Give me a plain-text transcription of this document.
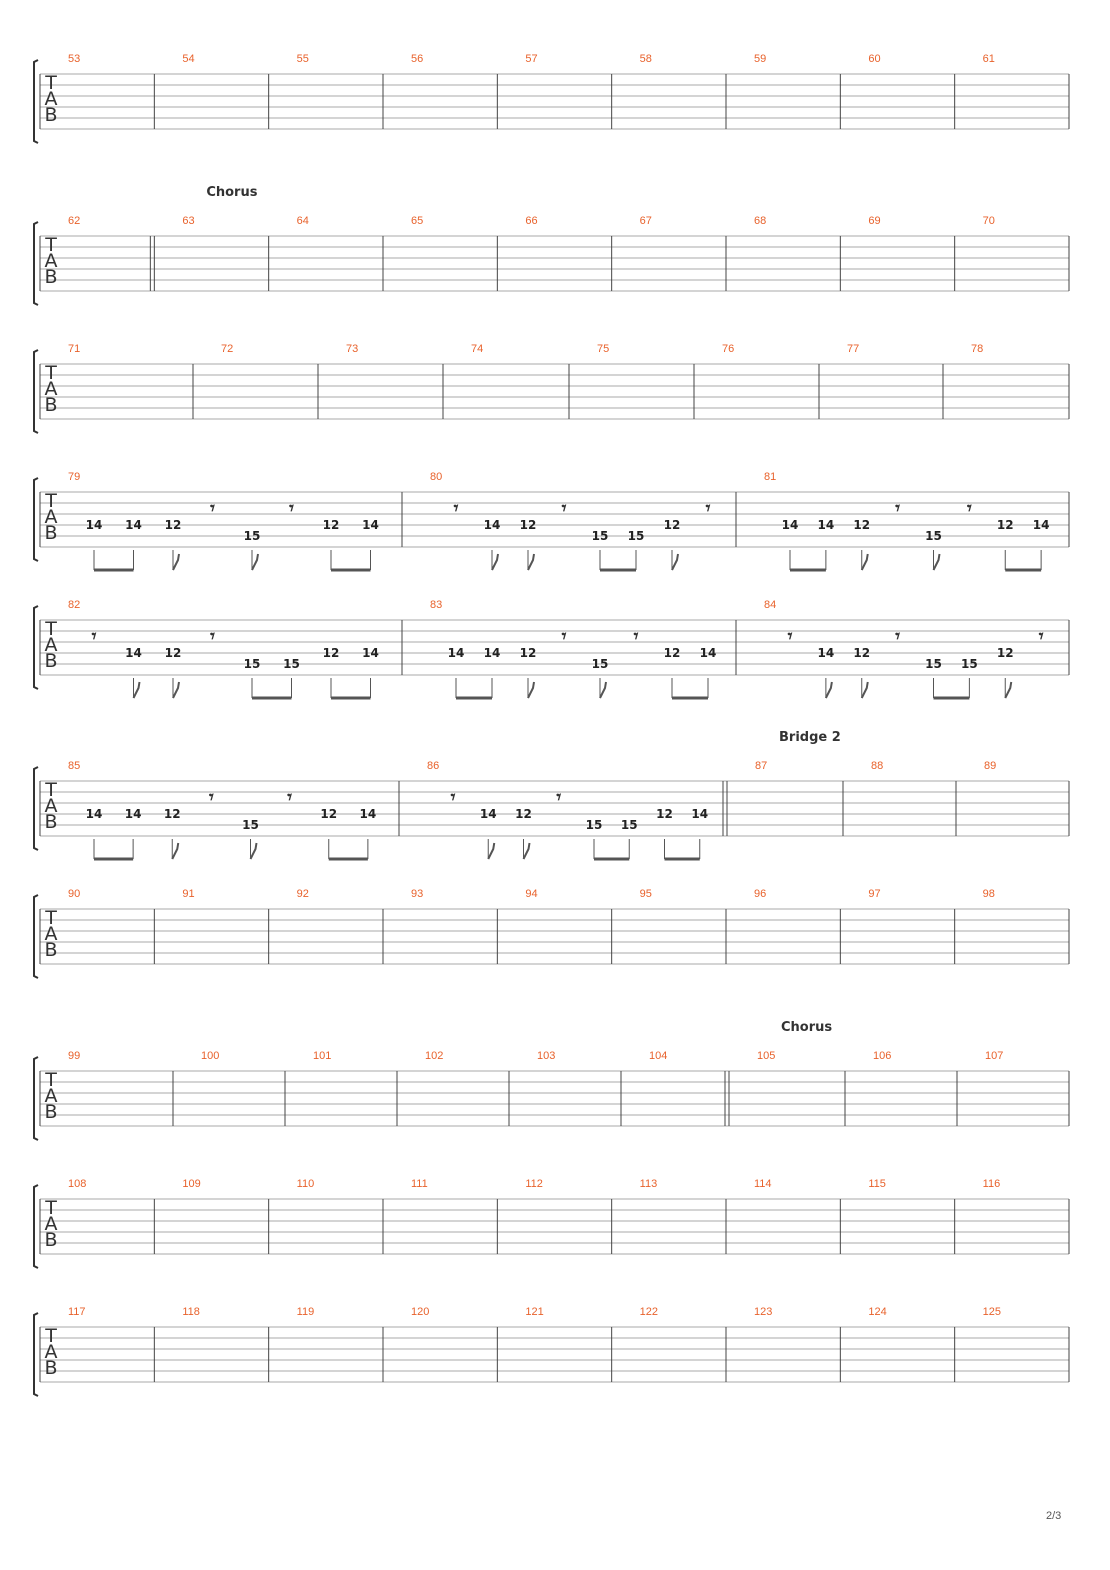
T
A
B
53	54	55	56	57	58	59	60	61
T
A
B
62	63	64	65	66	67	68	69	70
Chorus
T
A
B
71	72	73	74	75	76	77	78
T
A
B
79	80	81
14 14 12
𝄾
15
𝄾
12 14
𝄾
14 12
𝄾
15 15
12
𝄾
14 14 12
𝄾
15
𝄾
12 14
T
A
B
82	83	84
𝄾
14 12
𝄾
15 15
12 14	14 14 12
𝄾
15
𝄾
12 14
𝄾
14 12
𝄾
15 15
12
𝄾
T
A
B
85	86	87	88	89
Bridge 2
14 14 12
𝄾
15
𝄾
12 14
𝄾
14 12
𝄾
15 15
12 14
T
A
B
90	91	92	93	94	95	96	97	98
T
A
B
99	100	101	102	103	104	105	106	107
Chorus
T
A
B
108	109	110	111	112	113	114	115	116
T
A
B
117	118	119	120	121	122	123	124	125
2/3
